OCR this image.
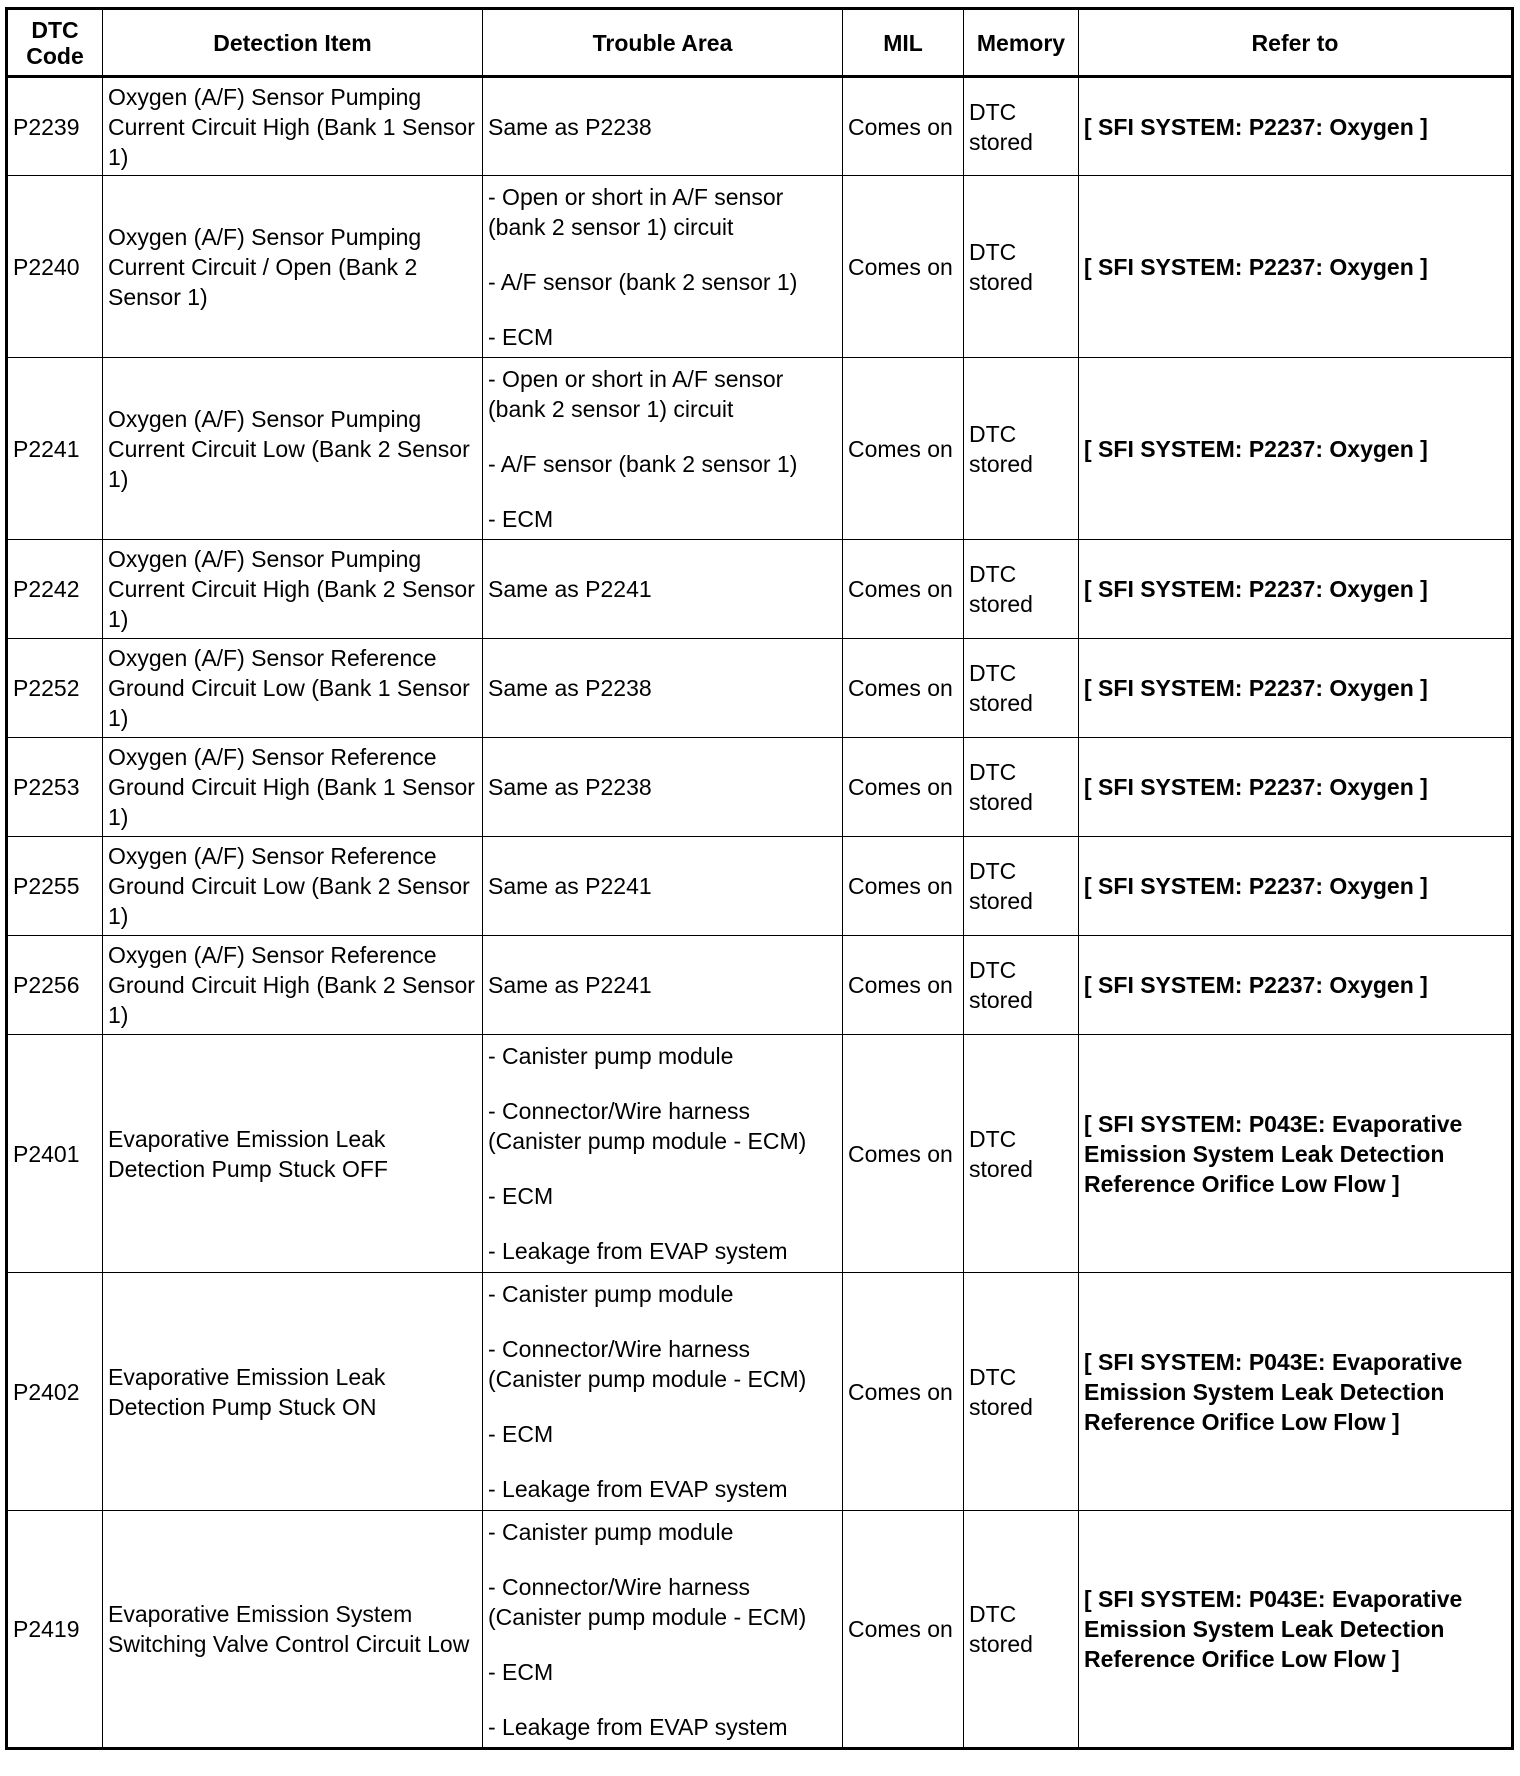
DTC
Code	Detection Item	Trouble Area	MIL	Memory	Refer to
P2239	Oxygen (A/F) Sensor Pumping Current Circuit High (Bank 1 Sensor 1)	Same as P2238	Comes on	DTC stored	[ SFI SYSTEM: P2237: Oxygen ]
P2240	Oxygen (A/F) Sensor Pumping Current Circuit / Open (Bank 2 Sensor 1)	- Open or short in A/F sensor (bank 2 sensor 1) circuit
- A/F sensor (bank 2 sensor 1)
- ECM	Comes on	DTC stored	[ SFI SYSTEM: P2237: Oxygen ]
P2241	Oxygen (A/F) Sensor Pumping Current Circuit Low (Bank 2 Sensor 1)	- Open or short in A/F sensor (bank 2 sensor 1) circuit
- A/F sensor (bank 2 sensor 1)
- ECM	Comes on	DTC stored	[ SFI SYSTEM: P2237: Oxygen ]
P2242	Oxygen (A/F) Sensor Pumping Current Circuit High (Bank 2 Sensor 1)	Same as P2241	Comes on	DTC stored	[ SFI SYSTEM: P2237: Oxygen ]
P2252	Oxygen (A/F) Sensor Reference Ground Circuit Low (Bank 1 Sensor 1)	Same as P2238	Comes on	DTC stored	[ SFI SYSTEM: P2237: Oxygen ]
P2253	Oxygen (A/F) Sensor Reference Ground Circuit High (Bank 1 Sensor 1)	Same as P2238	Comes on	DTC stored	[ SFI SYSTEM: P2237: Oxygen ]
P2255	Oxygen (A/F) Sensor Reference Ground Circuit Low (Bank 2 Sensor 1)	Same as P2241	Comes on	DTC stored	[ SFI SYSTEM: P2237: Oxygen ]
P2256	Oxygen (A/F) Sensor Reference Ground Circuit High (Bank 2 Sensor 1)	Same as P2241	Comes on	DTC stored	[ SFI SYSTEM: P2237: Oxygen ]
P2401	Evaporative Emission Leak Detection Pump Stuck OFF	- Canister pump module
- Connector/Wire harness (Canister pump module - ECM)
- ECM
- Leakage from EVAP system	Comes on	DTC stored	[ SFI SYSTEM: P043E: Evaporative Emission System Leak Detection Reference Orifice Low Flow ]
P2402	Evaporative Emission Leak Detection Pump Stuck ON	- Canister pump module
- Connector/Wire harness (Canister pump module - ECM)
- ECM
- Leakage from EVAP system	Comes on	DTC stored	[ SFI SYSTEM: P043E: Evaporative Emission System Leak Detection Reference Orifice Low Flow ]
P2419	Evaporative Emission System Switching Valve Control Circuit Low	- Canister pump module
- Connector/Wire harness (Canister pump module - ECM)
- ECM
- Leakage from EVAP system	Comes on	DTC stored	[ SFI SYSTEM: P043E: Evaporative Emission System Leak Detection Reference Orifice Low Flow ]
